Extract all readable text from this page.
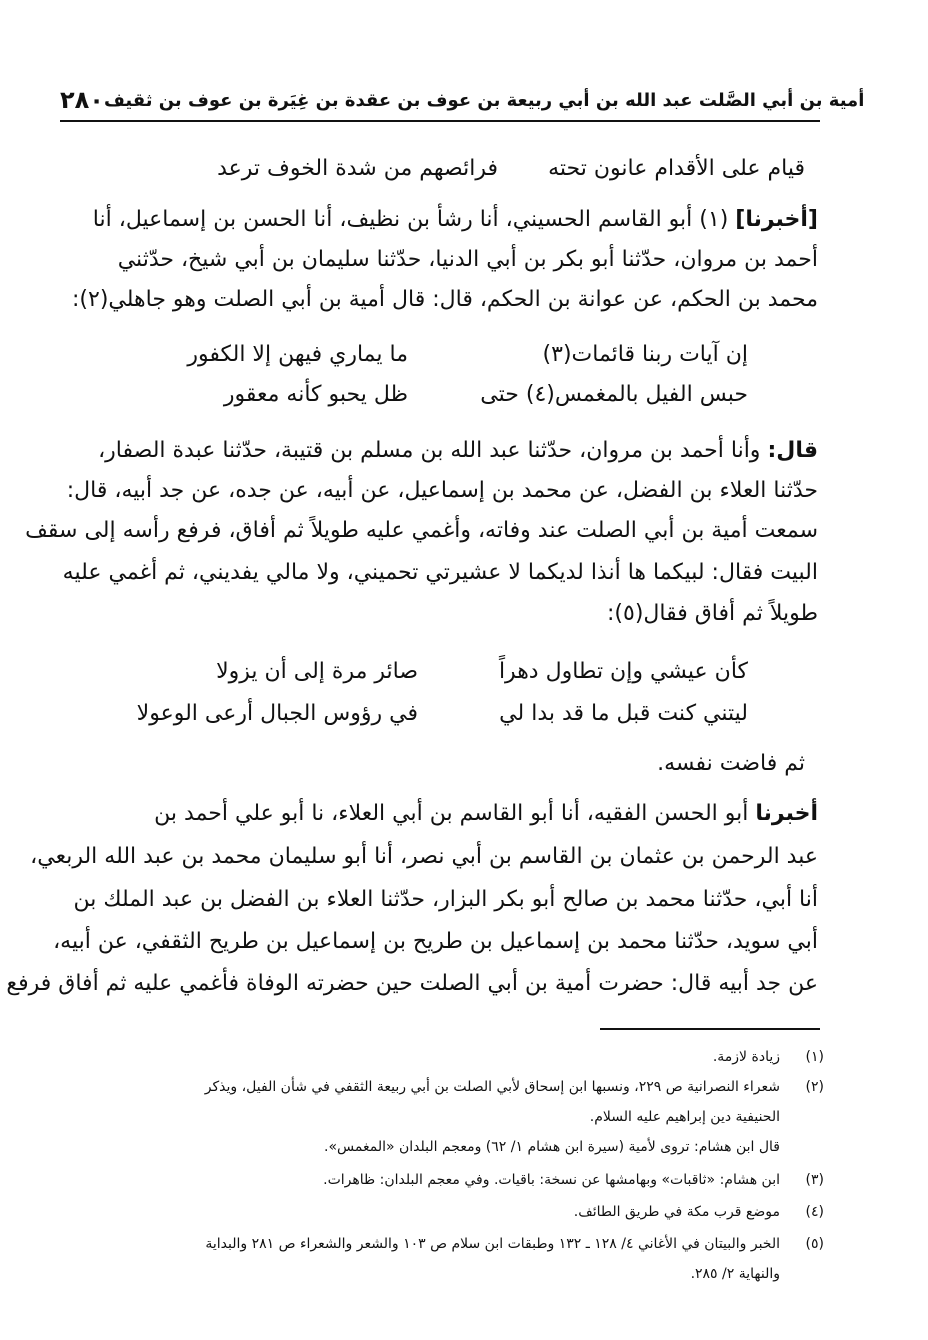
٢٨٠ أمية بن أبي الصَّلت عبد الله بن أبي ربيعة بن عوف بن عقدة بن غِيَرة بن عوف بن ثقيف
قيام على الأقدام عانون تحته
فرائصهم من شدة الخوف ترعد
[أخبرنا] (١) أبو القاسم الحسيني، أنا رشأ بن نظيف، أنا الحسن بن إسماعيل، أنا
أحمد بن مروان، حدّثنا أبو بكر بن أبي الدنيا، حدّثنا سليمان بن أبي شيخ، حدّثني
محمد بن الحكم، عن عوانة بن الحكم، قال: قال أمية بن أبي الصلت وهو جاهلي(٢):
إن آيات ربنا قائمات(٣)
ما يماري فيهن إلا الكفور
حبس الفيل بالمغمس(٤) حتى
ظل يحبو كأنه معقور
قال: وأنا أحمد بن مروان، حدّثنا عبد الله بن مسلم بن قتيبة، حدّثنا عبدة الصفار،
حدّثنا العلاء بن الفضل، عن محمد بن إسماعيل، عن أبيه، عن جده، عن جد أبيه، قال:
سمعت أمية بن أبي الصلت عند وفاته، وأغمي عليه طويلاً ثم أفاق، فرفع رأسه إلى سقف
البيت فقال: لبيكما ها أنذا لديكما لا عشيرتي تحميني، ولا مالي يفديني، ثم أغمي عليه
طويلاً ثم أفاق فقال(٥):
كأن عيشي وإن تطاول دهراً
صائر مرة إلى أن يزولا
ليتني كنت قبل ما قد بدا لي
في رؤوس الجبال أرعى الوعولا
ثم فاضت نفسه.
أخبرنا أبو الحسن الفقيه، أنا أبو القاسم بن أبي العلاء، نا أبو علي أحمد بن
عبد الرحمن بن عثمان بن القاسم بن أبي نصر، أنا أبو سليمان محمد بن عبد الله الربعي،
أنا أبي، حدّثنا محمد بن صالح أبو بكر البزار، حدّثنا العلاء بن الفضل بن عبد الملك بن
أبي سويد، حدّثنا محمد بن إسماعيل بن طريح بن إسماعيل بن طريح الثقفي، عن أبيه،
عن جد أبيه قال: حضرت أمية بن أبي الصلت حين حضرته الوفاة فأغمي عليه ثم أفاق فرفع
(١)
زيادة لازمة.
(٢)
شعراء النصرانية ص ٢٢٩، ونسبها ابن إسحاق لأبي الصلت بن أبي ربيعة الثقفي في شأن الفيل، ويذكر
الحنيفية دين إبراهيم عليه السلام.
قال ابن هشام: تروى لأمية (سيرة ابن هشام ١/ ٦٢) ومعجم البلدان «المغمس».
(٣)
ابن هشام: «ثاقبات» وبهامشها عن نسخة: باقيات. وفي معجم البلدان: ظاهرات.
(٤)
موضع قرب مكة في طريق الطائف.
(٥)
الخبر والبيتان في الأغاني ٤/ ١٢٨ ـ ١٣٢ وطبقات ابن سلام ص ١٠٣ والشعر والشعراء ص ٢٨١ والبداية
والنهاية ٢/ ٢٨٥.
